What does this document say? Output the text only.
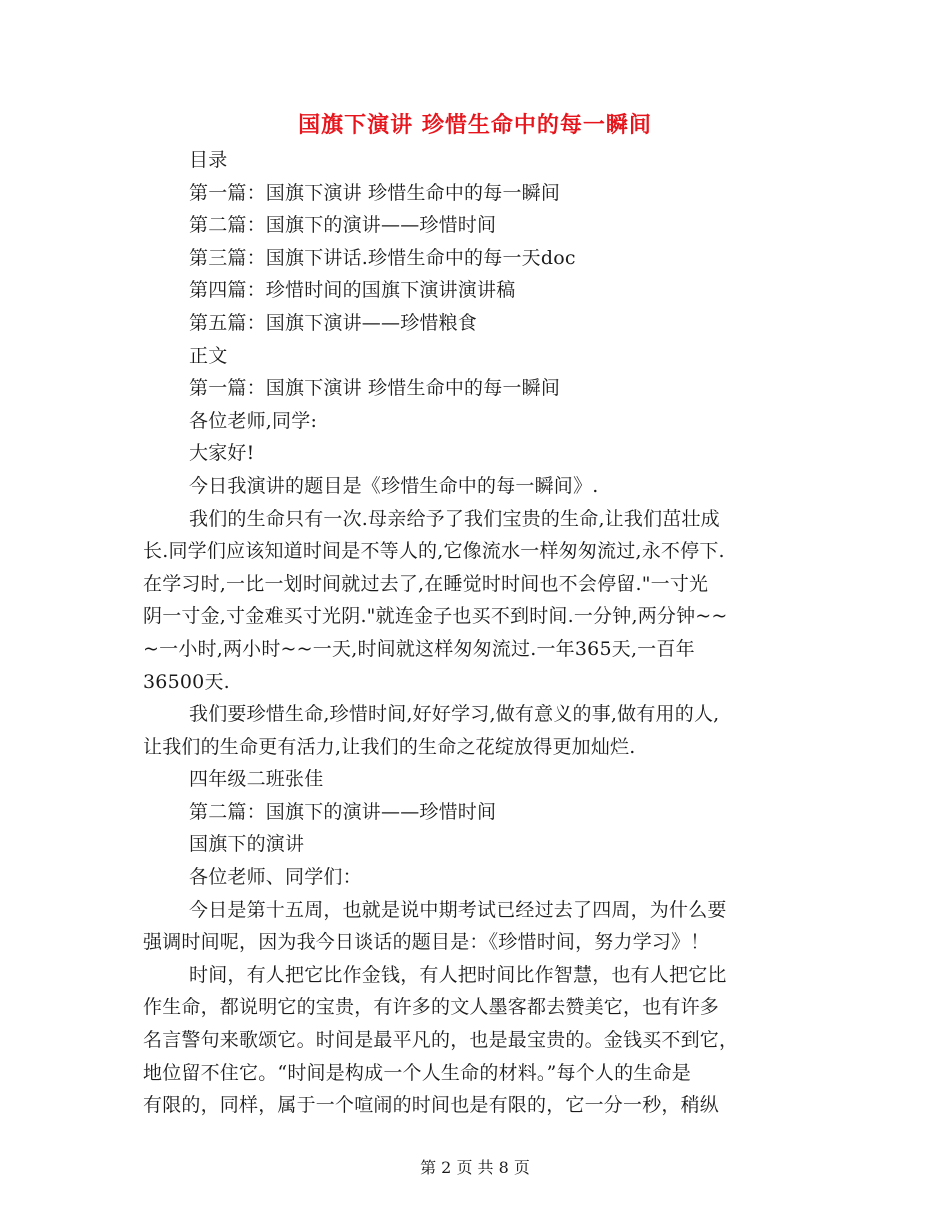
国旗下演讲 珍惜生命中的每一瞬间
目录
第一篇：国旗下演讲 珍惜生命中的每一瞬间
第二篇：国旗下的演讲——珍惜时间
第三篇：国旗下讲话.珍惜生命中的每一天doc
第四篇：珍惜时间的国旗下演讲演讲稿
第五篇：国旗下演讲——珍惜粮食
正文
第一篇：国旗下演讲 珍惜生命中的每一瞬间
各位老师,同学:
大家好!
今日我演讲的题目是《珍惜生命中的每一瞬间》.
我们的生命只有一次.母亲给予了我们宝贵的生命,让我们茁壮成
长.同学们应该知道时间是不等人的,它像流水一样匆匆流过,永不停下.
在学习时,一比一划时间就过去了,在睡觉时时间也不会停留."一寸光
阴一寸金,寸金难买寸光阴."就连金子也买不到时间.一分钟,两分钟~~
~一小时,两小时~~一天,时间就这样匆匆流过.一年365天,一百年
36500天.
我们要珍惜生命,珍惜时间,好好学习,做有意义的事,做有用的人,
让我们的生命更有活力,让我们的生命之花绽放得更加灿烂.
四年级二班张佳
第二篇：国旗下的演讲——珍惜时间
国旗下的演讲
各位老师、同学们：
今日是第十五周，也就是说中期考试已经过去了四周，为什么要
强调时间呢，因为我今日谈话的题目是：《珍惜时间，努力学习》！
时间，有人把它比作金钱，有人把时间比作智慧，也有人把它比
作生命，都说明它的宝贵，有许多的文人墨客都去赞美它，也有许多
名言警句来歌颂它。时间是最平凡的，也是最宝贵的。金钱买不到它，
地位留不住它。“时间是构成一个人生命的材料。”每个人的生命是
有限的，同样，属于一个喧闹的时间也是有限的，它一分一秒，稍纵
第 2 页 共 8 页
